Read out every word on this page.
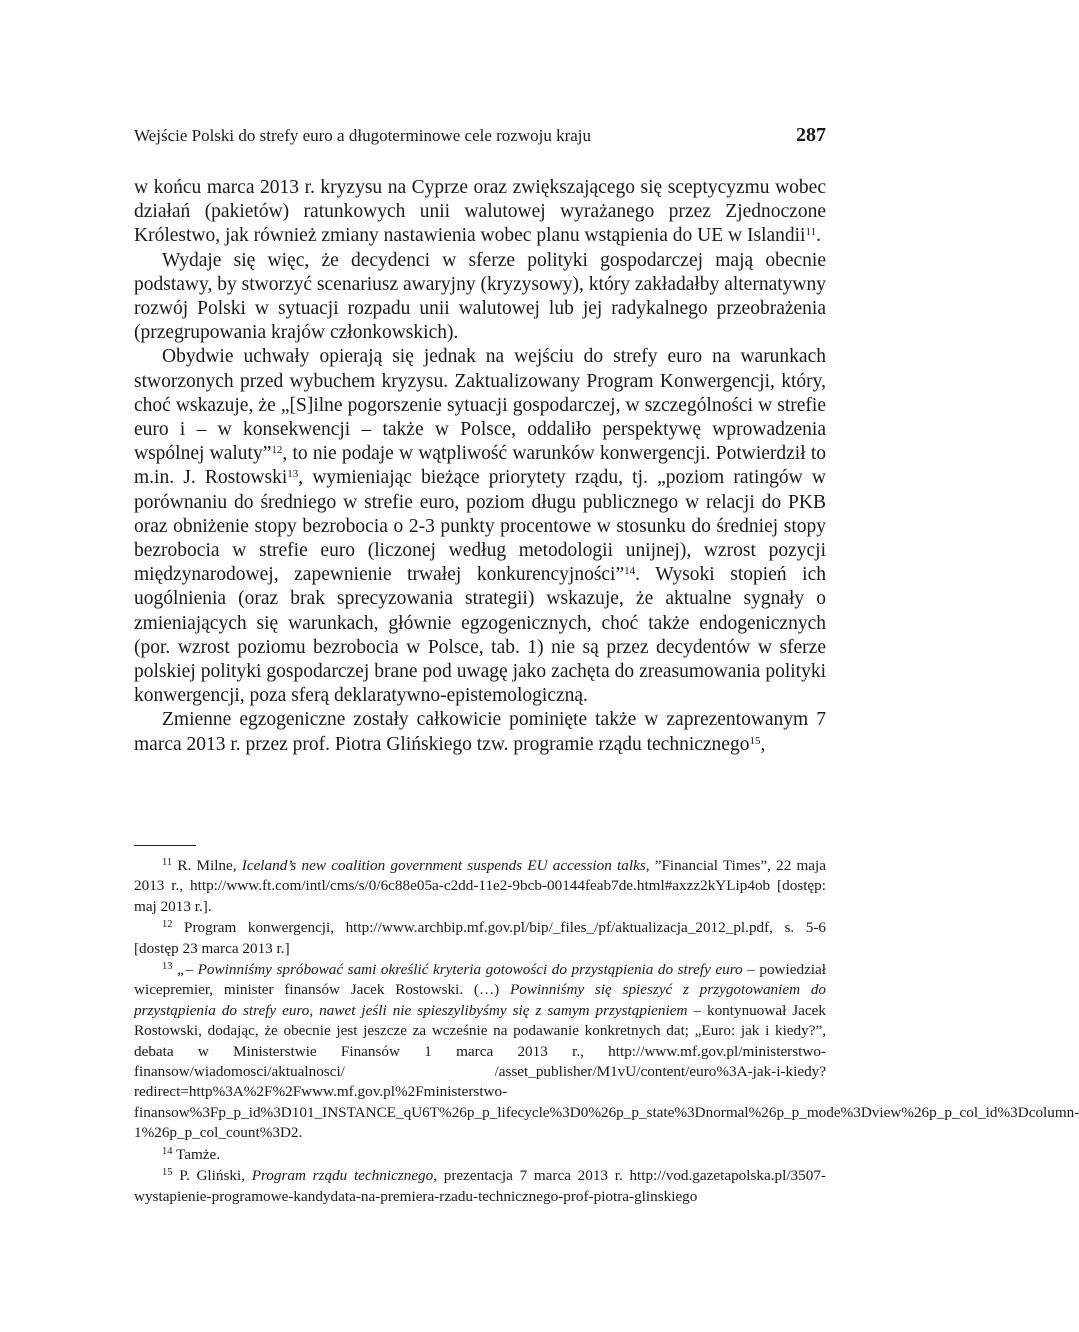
Wejście Polski do strefy euro a długoterminowe cele rozwoju kraju	287

w końcu marca 2013 r. kryzysu na Cyprze oraz zwiększającego się sceptycyzmu wobec działań (pakietów) ratunkowych unii walutowej wyrażanego przez Zjednoczone Królestwo, jak również zmiany nastawienia wobec planu wstąpienia do UE w Islandii$^{11}$.

Wydaje się więc, że decydenci w sferze polityki gospodarczej mają obecnie podstawy, by stworzyć scenariusz awaryjny (kryzysowy), który zakładałby alternatywny rozwój Polski w sytuacji rozpadu unii walutowej lub jej radykalnego przeobrażenia (przegrupowania krajów członkowskich).

Obydwie uchwały opierają się jednak na wejściu do strefy euro na warunkach stworzonych przed wybuchem kryzysu. Zaktualizowany Program Konwergencji, który, choć wskazuje, że „[S]ilne pogorszenie sytuacji gospodarczej, w szczególności w strefie euro i – w konsekwencji – także w Polsce, oddaliło perspektywę wprowadzenia wspólnej waluty”$^{12}$, to nie podaje w wątpliwość warunków konwergencji. Potwierdził to m.in. J. Rostowski$^{13}$, wymieniając bieżące priorytety rządu, tj. „poziom ratingów w porównaniu do średniego w strefie euro, poziom długu publicznego w relacji do PKB oraz obniżenie stopy bezrobocia o 2-3 punkty procentowe w stosunku do średniej stopy bezrobocia w strefie euro (liczonej według metodologii unijnej), wzrost pozycji międzynarodowej, zapewnienie trwałej konkurencyjności”$^{14}$. Wysoki stopień ich uogólnienia (oraz brak sprecyzowania strategii) wskazuje, że aktualne sygnały o zmieniających się warunkach, głównie egzogenicznych, choć także endogenicznych (por. wzrost poziomu bezrobocia w Polsce, tab. 1) nie są przez decydentów w sferze polskiej polityki gospodarczej brane pod uwagę jako zachęta do zreasumowania polityki konwergencji, poza sferą deklaratywno-epistemologiczną.

Zmienne egzogeniczne zostały całkowicie pominięte także w zaprezentowanym 7 marca 2013 r. przez prof. Piotra Glińskiego tzw. programie rządu technicznego$^{15}$,

$^{11}$ R. Milne, Iceland’s new coalition government suspends EU accession talks, ”Financial Times”, 22 maja 2013 r., http://www.ft.com/intl/cms/s/0/6c88e05a-c2dd-11e2-9bcb-00144feab7de.html#axzz2kYLip4ob [dostęp: maj 2013 r.].

$^{12}$ Program konwergencji, http://www.archbip.mf.gov.pl/bip/_files_/pf/aktualizacja_2012_pl.pdf, s. 5-6 [dostęp 23 marca 2013 r.]

$^{13}$ „– Powinniśmy spróbować sami określić kryteria gotowości do przystąpienia do strefy euro – powiedział wicepremier, minister finansów Jacek Rostowski. (…) Powinniśmy się spieszyć z przygotowaniem do przystąpienia do strefy euro, nawet jeśli nie spieszylibyśmy się z samym przystąpieniem – kontynuował Jacek Rostowski, dodając, że obecnie jest jeszcze za wcześnie na podawanie konkretnych dat; „Euro: jak i kiedy?”, debata w Ministerstwie Finansów 1 marca 2013 r., http://www.mf.gov.pl/ministerstwo-finansow/wiadomosci/aktualnosci/ /asset_publisher/M1vU/content/euro%3A-jak-i-kiedy?redirect=http%3A%2F%2Fwww.mf.gov.pl%2Fministerstwo-finansow%3Fp_p_id%3D101_INSTANCE_qU6T%26p_p_lifecycle%3D0%26p_p_state%3Dnormal%26p_p_mode%3Dview%26p_p_col_id%3Dcolumn-1%26p_p_col_count%3D2.

$^{14}$ Tamże.

$^{15}$ P. Gliński, Program rządu technicznego, prezentacja 7 marca 2013 r. http://vod.gazetapolska.pl/3507-wystapienie-programowe-kandydata-na-premiera-rzadu-technicznego-prof-piotra-glinskiego
